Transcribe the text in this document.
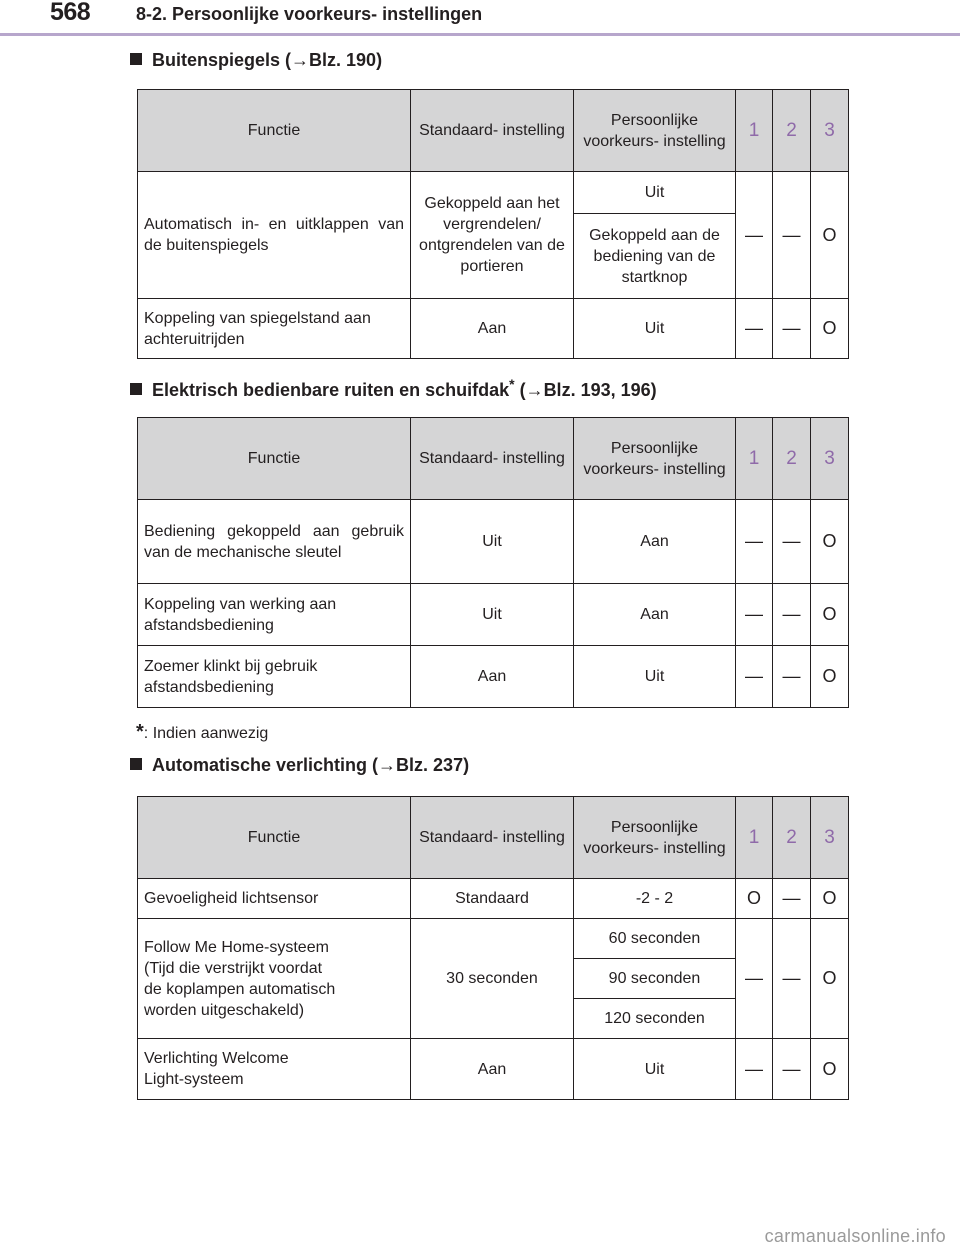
568	8-2. Persoonlijke voorkeurs- instellingen
Buitenspiegels (→Blz. 190)
Functie	Standaard- instelling	Persoonlijke voorkeurs- instelling	1	2	3
Automatisch in- en uitklappen van de buitenspiegels	Gekoppeld aan het vergrendelen/ ontgrendelen van de portieren	Uit	—	—	O
		Gekoppeld aan de bediening van de startknop			
Koppeling van spiegelstand aan achteruitrijden	Aan	Uit	—	—	O
Elektrisch bedienbare ruiten en schuifdak* (→Blz. 193, 196)
Functie	Standaard- instelling	Persoonlijke voorkeurs- instelling	1	2	3
Bediening gekoppeld aan gebruik van de mechanische sleutel	Uit	Aan	—	—	O
Koppeling van werking aan afstandsbediening	Uit	Aan	—	—	O
Zoemer klinkt bij gebruik afstandsbediening	Aan	Uit	—	—	O
*: Indien aanwezig
Automatische verlichting (→Blz. 237)
Functie	Standaard- instelling	Persoonlijke voorkeurs- instelling	1	2	3
Gevoeligheid lichtsensor	Standaard	-2 - 2	O	—	O

Follow Me Home-systeem
(Tijd die verstrijkt voordat
de koplampen automatisch
worden uitgeschakeld)	30 seconden	60 seconden	—	—	O
		90 seconden			
		120 seconden			

Verlichting Welcome
Light-systeem	Aan	Uit	—	—	O
carmanualsonline.info
